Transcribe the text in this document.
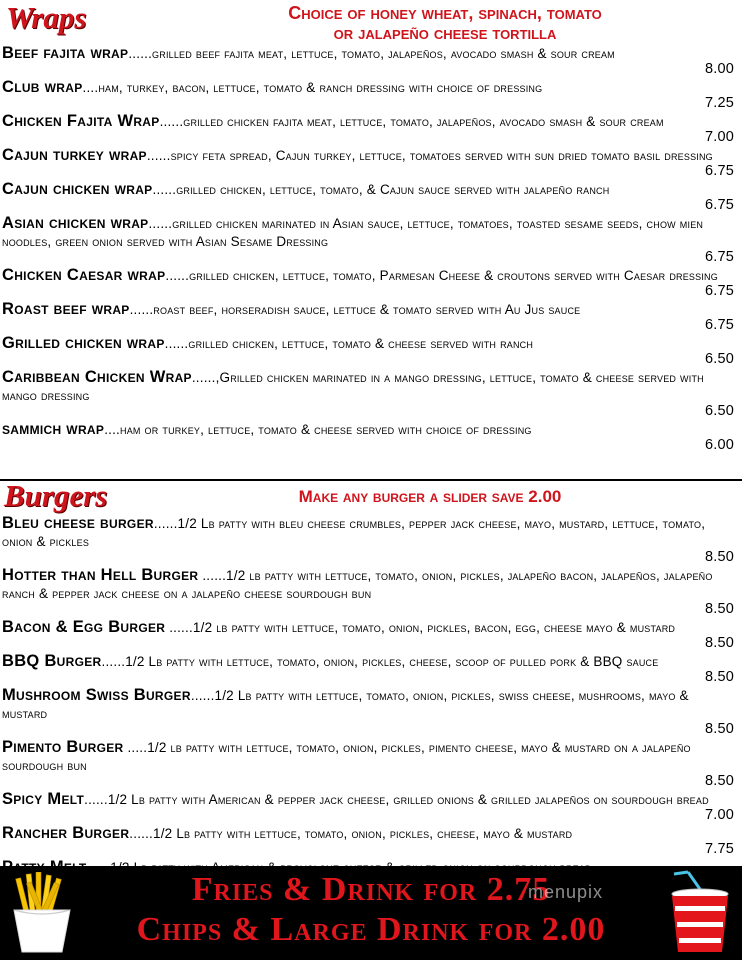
Wraps	Choice of honey wheat, spinach, tomato
or jalapeño cheese tortilla
Beef fajita wrap......grilled beef fajita meat, lettuce, tomato, jalapeños, avocado smash & sour cream
8.00
Club wrap....ham, turkey, bacon, lettuce, tomato & ranch dressing with choice of dressing
7.25
Chicken Fajita Wrap......grilled chicken fajita meat, lettuce, tomato, jalapeños, avocado smash & sour cream
7.00
Cajun turkey wrap......spicy feta spread, Cajun turkey, lettuce, tomatoes served with sun dried tomato basil dressing
6.75
Cajun chicken wrap......grilled chicken, lettuce, tomato, & Cajun sauce served with jalapeño ranch
6.75
Asian chicken wrap......grilled chicken marinated in Asian sauce, lettuce, tomatoes, toasted sesame seeds, chow mien noodles, green onion served with Asian Sesame Dressing
6.75
Chicken Caesar wrap......grilled chicken, lettuce, tomato, Parmesan Cheese & croutons served with Caesar dressing
6.75
Roast beef wrap......roast beef, horseradish sauce, lettuce & tomato served with Au Jus sauce
6.75
Grilled chicken wrap......grilled chicken, lettuce, tomato & cheese served with ranch
6.50
Caribbean Chicken Wrap......,Grilled chicken marinated in a mango dressing, lettuce, tomato & cheese served with mango dressing
6.50
sammich wrap....ham or turkey, lettuce, tomato & cheese served with choice of dressing
6.00
Burgers	Make any burger a slider save 2.00
Bleu cheese burger......1/2 Lb patty with bleu cheese crumbles, pepper jack cheese, mayo, mustard, lettuce, tomato, onion & pickles
8.50
Hotter than Hell Burger ......1/2 lb patty with lettuce, tomato, onion, pickles, jalapeño bacon, jalapeños, jalapeño ranch & pepper jack cheese on a jalapeño cheese sourdough bun
8.50
Bacon & Egg Burger ......1/2 lb patty with lettuce, tomato, onion, pickles, bacon, egg, cheese mayo & mustard
8.50
BBQ Burger......1/2 Lb patty with lettuce, tomato, onion, pickles, cheese, scoop of pulled pork & BBQ sauce
8.50
Mushroom Swiss Burger......1/2 Lb patty with lettuce, tomato, onion, pickles, swiss cheese, mushrooms, mayo & mustard
8.50
Pimento Burger .....1/2 lb patty with lettuce, tomato, onion, pickles, pimento cheese, mayo & mustard on a jalapeño sourdough bun
8.50
Spicy Melt......1/2 Lb patty with American & pepper jack cheese, grilled onions & grilled jalapeños on sourdough bread
7.00
Rancher Burger......1/2 Lb patty with lettuce, tomato, onion, pickles, cheese, mayo & mustard
7.75
Fries & Drink for 2.75
Chips & Large Drink for 2.00
menupix
